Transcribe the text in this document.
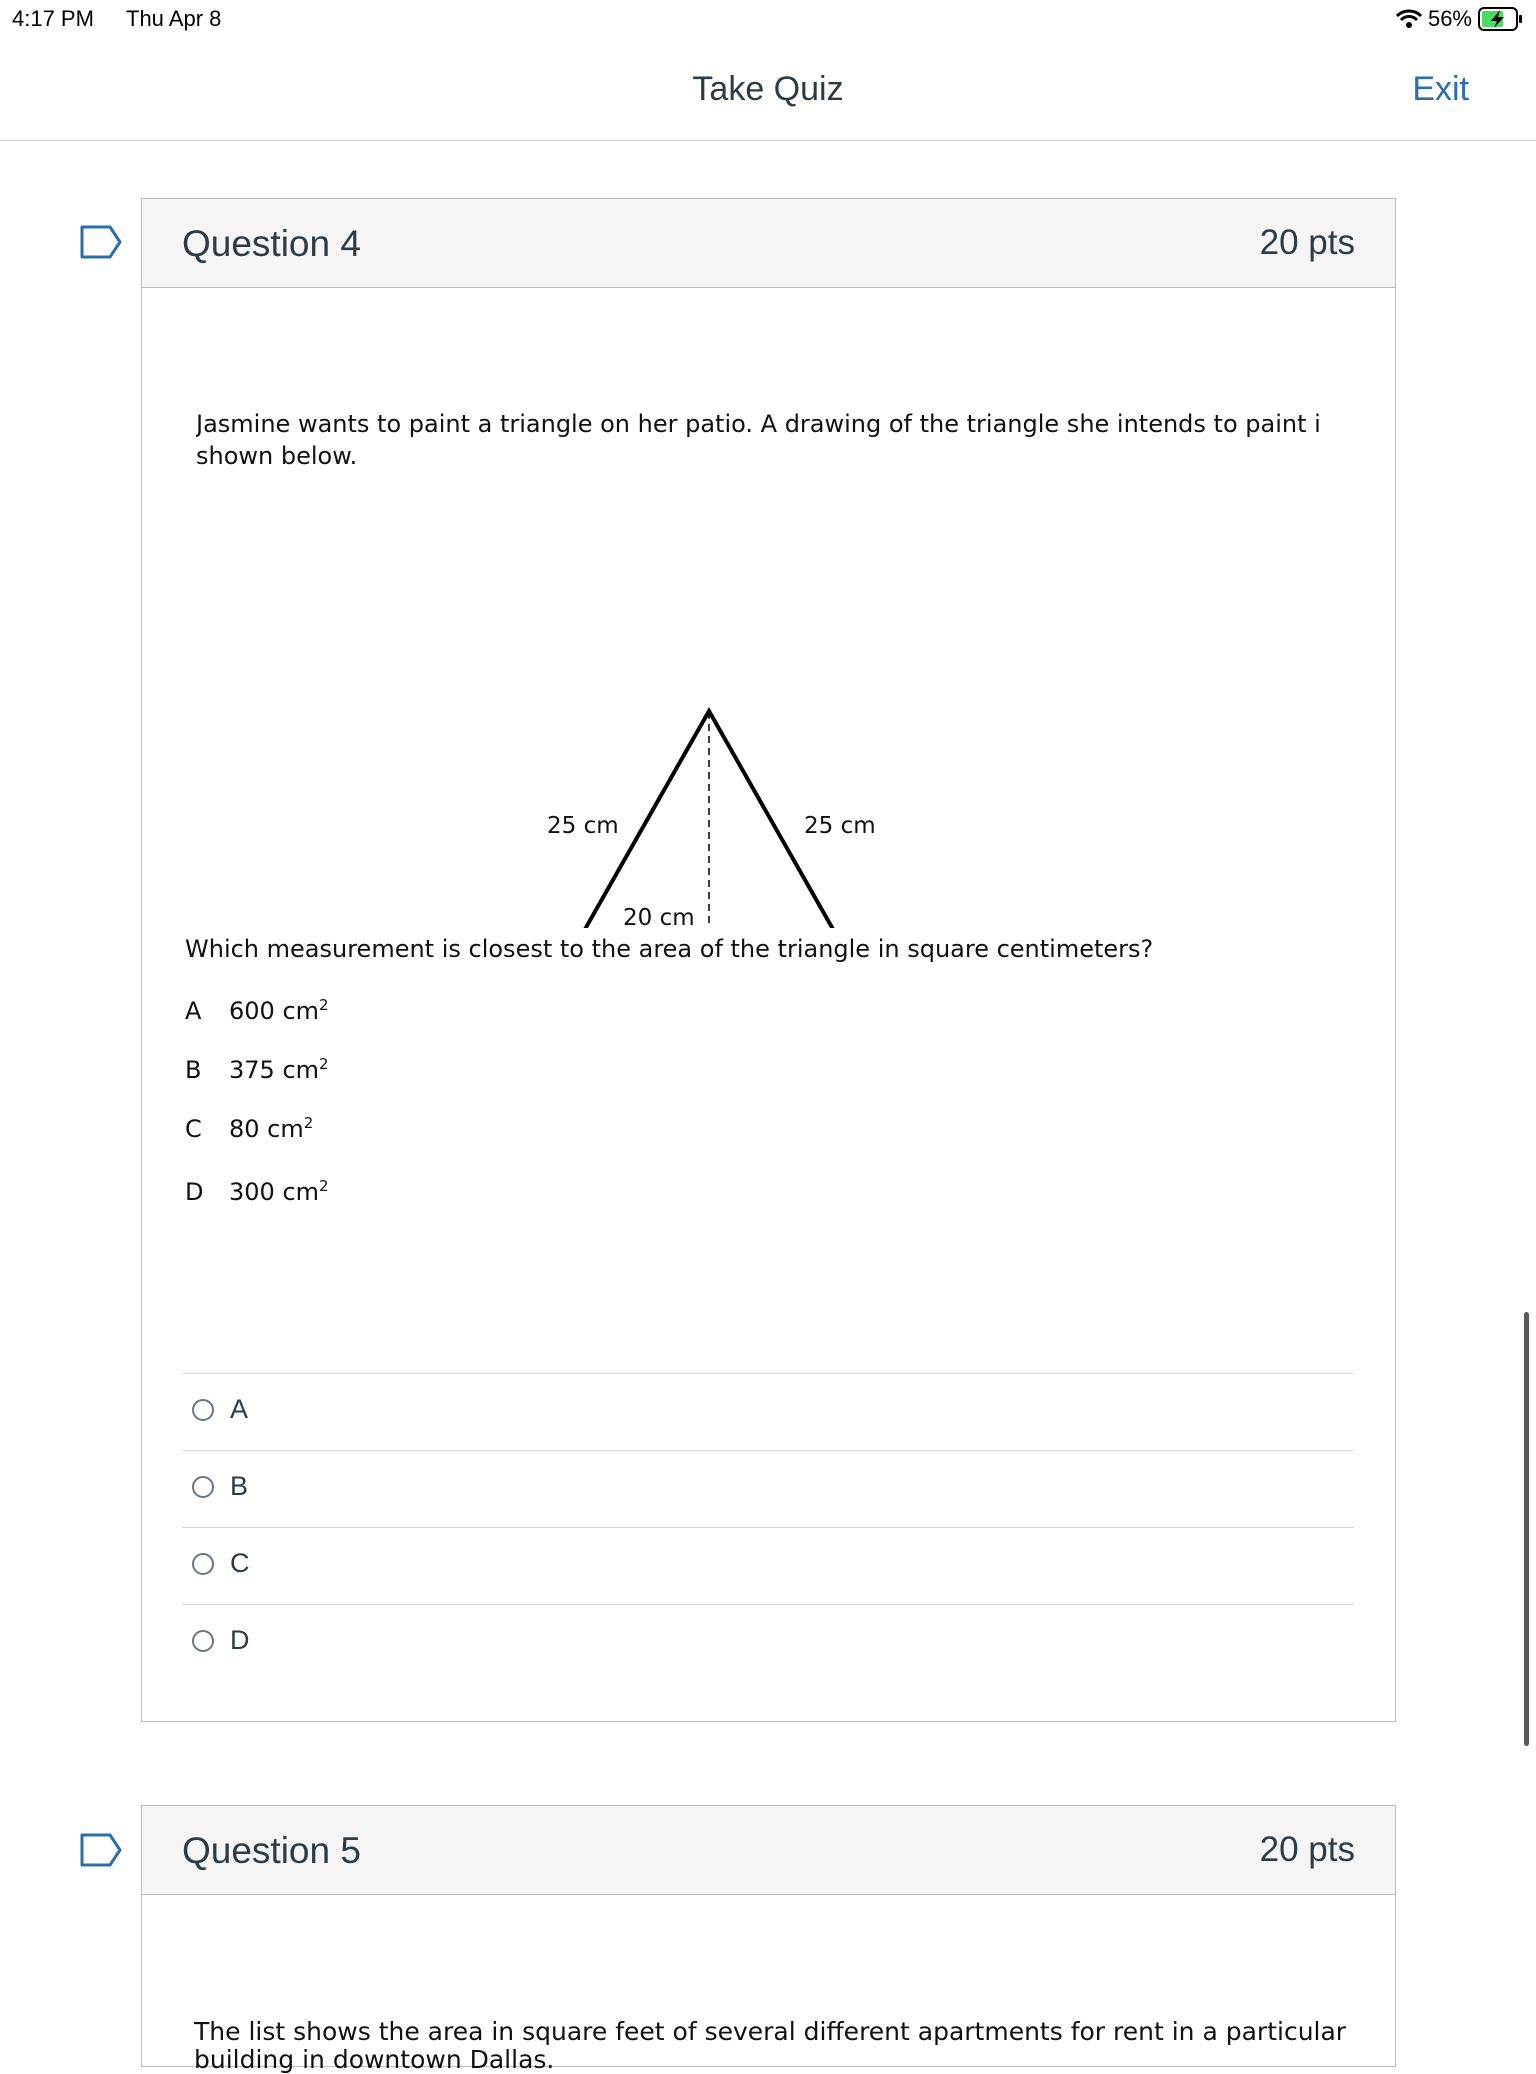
4:17 PM Thu Apr 8	56%
Take Quiz	Exit
Question 4	20 pts
Jasmine wants to paint a triangle on her patio. A drawing of the triangle she intends to paint i
shown below.
25 cm	25 cm
20 cm
Which measurement is closest to the area of the triangle in square centimeters?
A 600 $cm^2$
B 375 $cm^2$
C 80 $cm^2$
D 300 $cm^2$
A
B
C
D
Question 5	20 pts
The list shows the area in square feet of several different apartments for rent in a particular
building in downtown Dallas.
